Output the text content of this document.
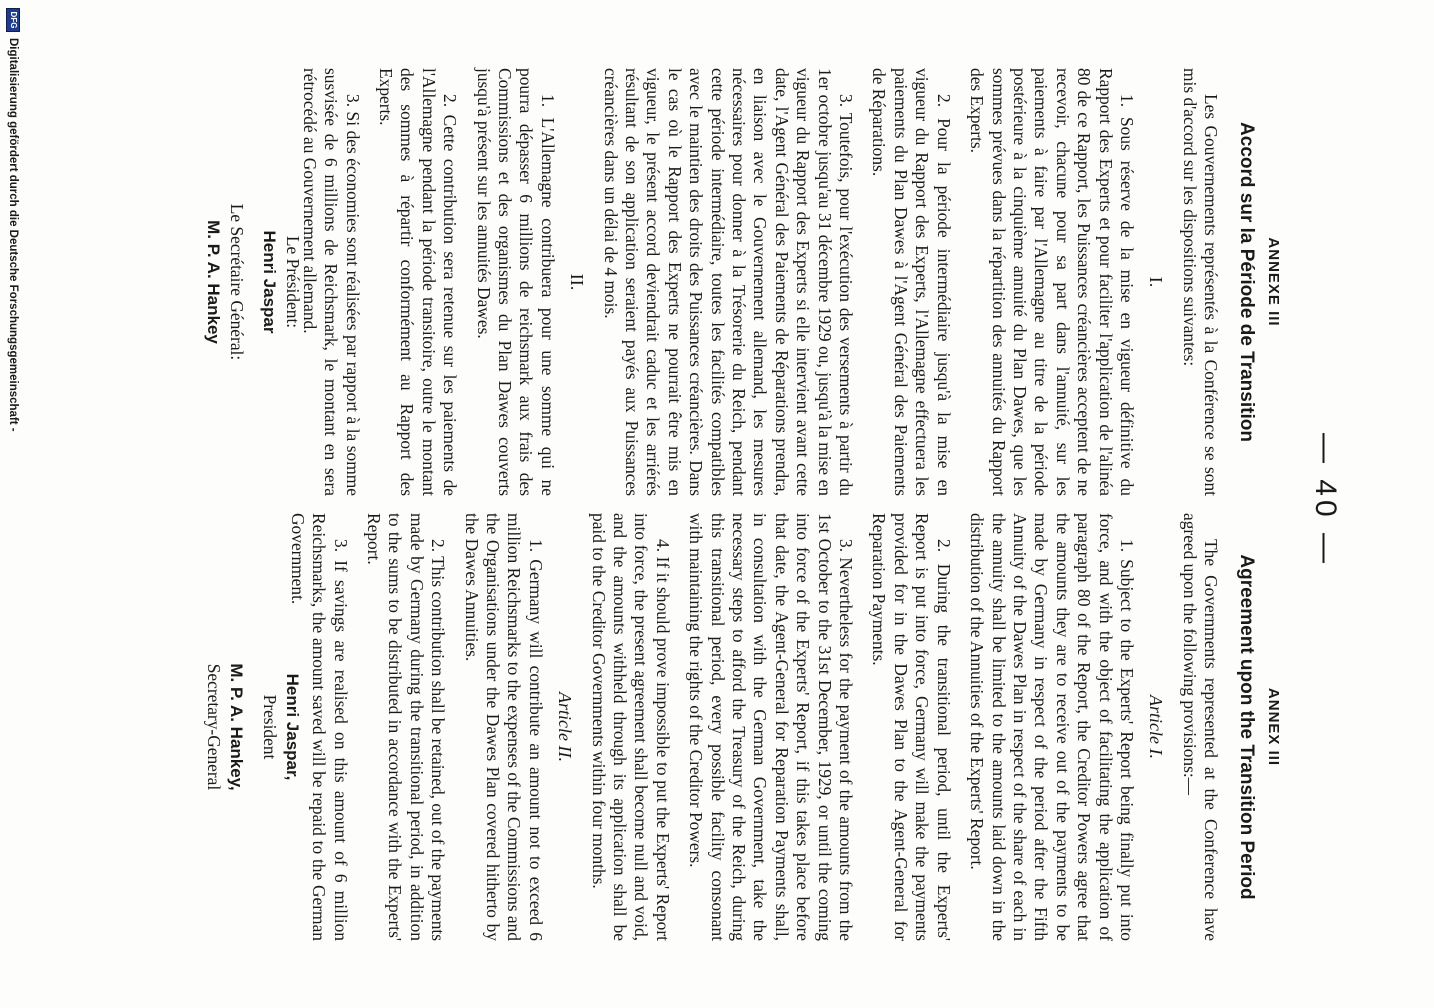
— 40 —
ANNEXE III
Accord sur la Période de Transition

Les Gouvernements représentés à la Conférence se sont mis d'accord sur les dispositions suivantes:

I.

1. Sous réserve de la mise en vigueur définitive du Rapport des Experts et pour faciliter l'application de l'alinéa 80 de ce Rapport, les Puissances créancières acceptent de ne recevoir, chacune pour sa part dans l'annuité, sur les paiements à faire par l'Allemagne au titre de la période postérieure à la cinquième annuité du Plan Dawes, que les sommes prévues dans la répartition des annuités du Rapport des Experts.

2. Pour la période intermédiaire jusqu'à la mise en vigueur du Rapport des Experts, l'Allemagne effectuera les paiements du Plan Dawes à l'Agent Général des Paiements de Réparations.

3. Toutefois, pour l'exécution des versements à partir du 1er octobre jusqu'au 31 décembre 1929 ou, jusqu'à la mise en vigueur du Rapport des Experts si elle intervient avant cette date, l'Agent Général des Paiements de Réparations prendra, en liaison avec le Gouvernement allemand, les mesures nécessaires pour donner à la Trésorerie du Reich, pendant cette période intermédiaire, toutes les facilités compatibles avec le maintien des droits des Puissances créancières. Dans le cas où le Rapport des Experts ne pourrait être mis en vigueur, le présent accord deviendrait caduc et les arriérés résultant de son application seraient payés aux Puissances créancières dans un délai de 4 mois.

II.

1. L'Allemagne contribuera pour une somme qui ne pourra dépasser 6 millions de reichsmark aux frais des Commissions et des organismes du Plan Dawes couverts jusqu'à présent sur les annuités Dawes.

2. Cette contribution sera retenue sur les paiements de l'Allemagne pendant la période transitoire, outre le montant des sommes à répartir conformément au Rapport des Experts.

3. Si des économies sont réalisées par rapport à la somme susvisée de 6 millions de Reichsmark, le montant en sera rétrocédé au Gouvernement allemand.

Le Président:
Henri Jaspar
Le Secrétaire Général:
M. P. A. Hankey
ANNEX III
Agreement upon the Transition Period

The Governments represented at the Conference have agreed upon the following provisions:—

Article I.

1. Subject to the Experts' Report being finally put into force, and with the object of facilitating the application of paragraph 80 of the Report, the Creditor Powers agree that the amounts they are to receive out of the payments to be made by Germany in respect of the period after the Fifth Annuity of the Dawes Plan in respect of the share of each in the annuity shall be limited to the amounts laid down in the distribution of the Annuities of the Experts' Report.

2. During the transitional period, until the Experts' Report is put into force, Germany will make the payments provided for in the Dawes Plan to the Agent-General for Reparation Payments.

3. Nevertheless for the payment of the amounts from the 1st October to the 31st December, 1929, or until the coming into force of the Experts' Report, if this takes place before that date, the Agent-General for Reparation Payments shall, in consultation with the German Government, take the necessary steps to afford the Treasury of the Reich, during this transitional period, every possible facility consonant with maintaining the rights of the Creditor Powers.

4. If it should prove impossible to put the Experts' Report into force, the present agreement shall become null and void, and the amounts withheld through its application shall be paid to the Creditor Governments within four months.

Article II.

1. Germany will contribute an amount not to exceed 6 million Reichsmarks to the expenses of the Commissions and the Organisations under the Dawes Plan covered hitherto by the Dawes Annuities.

2. This contribution shall be retained, out of the payments made by Germany during the transitional period, in addition to the sums to be distributed in accordance with the Experts' Report.

3. If savings are realised on this amount of 6 million Reichsmarks, the amount saved will be repaid to the German Government.

Henri Jaspar,
President
M. P. A. Hankey,
Secretary-General
DFG
Digitalisierung gefördert durch die Deutsche Forschungsgemeinschaft -
